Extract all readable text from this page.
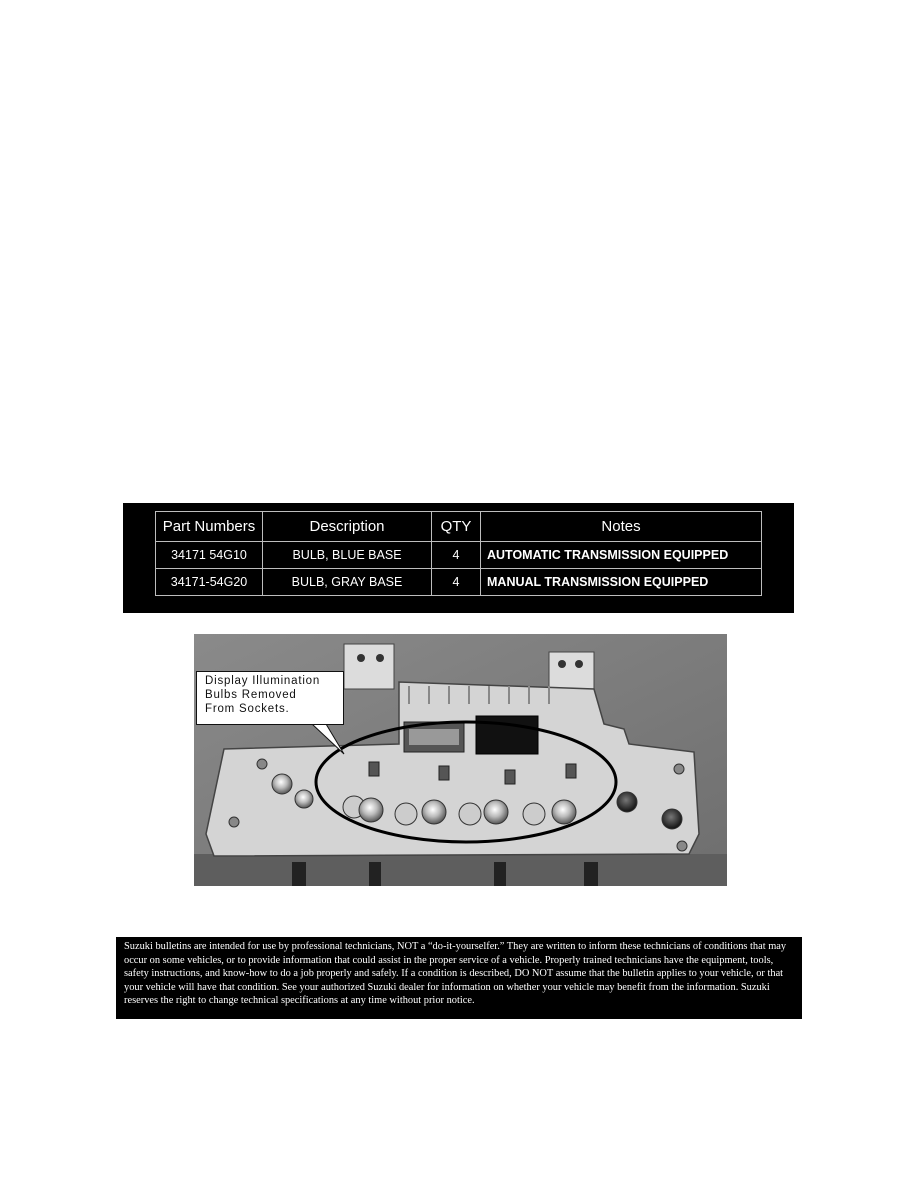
Part Numbers	Description	QTY	Notes
34171 54G10	BULB, BLUE BASE	4	AUTOMATIC TRANSMISSION EQUIPPED
34171-54G20	BULB, GRAY BASE	4	MANUAL TRANSMISSION EQUIPPED
Display Illumination
Bulbs Removed
From Sockets.
Suzuki bulletins are intended for use by professional technicians, NOT a “do-it-yourselfer.” They are written to inform these technicians of conditions that may occur on some vehicles, or to provide information that could assist in the proper service of a vehicle. Properly trained technicians have the equipment, tools, safety instructions, and know-how to do a job properly and safely. If a condition is described, DO NOT assume that the bulletin applies to your vehicle, or that your vehicle will have that condition. See your authorized Suzuki dealer for information on whether your vehicle may benefit from the information. Suzuki reserves the right to change technical specifications at any time without prior notice.
